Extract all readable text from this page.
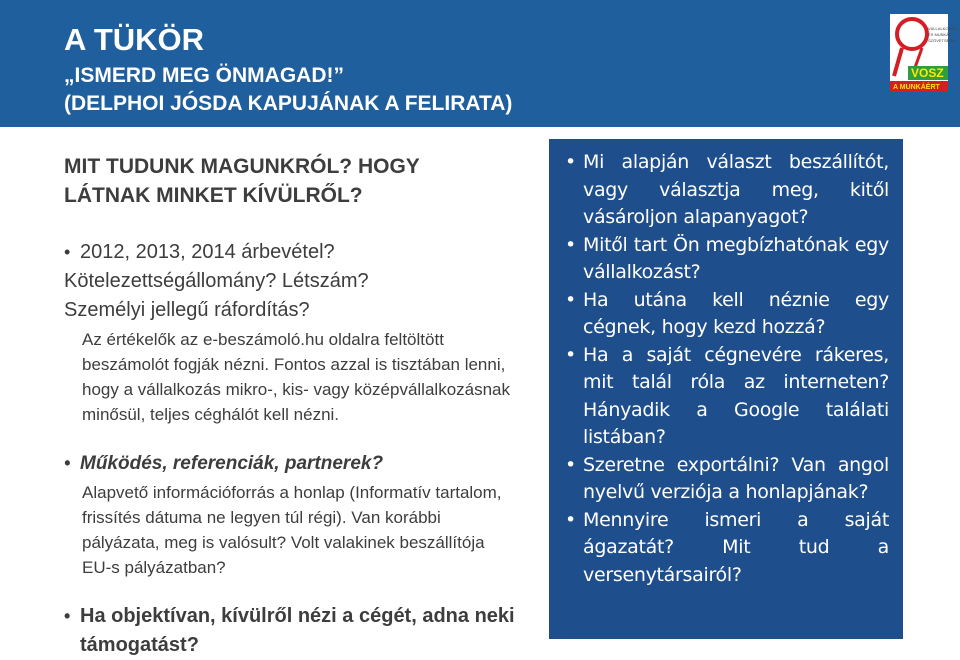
A TÜKÖR
„ISMERD MEG ÖNMAGAD!”
(DELPHOI JÓSDA KAPUJÁNAK A FELIRATA)
VÁLLALKOZÓK
ÉS MUNKÁL.
SZÖVETSÉGE
VOSZ
A MUNKÁÉRT
MIT TUDUNK MAGUNKRÓL? HOGY
LÁTNAK MINKET KÍVÜLRŐL?
• 2012, 2013, 2014 árbevétel?
Kötelezettségállomány? Létszám?
Személyi jellegű ráfordítás?
Az értékelők az e-beszámoló.hu oldalra feltöltött beszámolót fogják nézni. Fontos azzal is tisztában lenni, hogy a vállalkozás mikro-, kis- vagy középvállalkozásnak minősül, teljes céghálót kell nézni.
• Működés, referenciák, partnerek?
Alapvető információforrás a honlap (Informatív tartalom, frissítés dátuma ne legyen túl régi). Van korábbi pályázata, meg is valósult? Volt valakinek beszállítója EU-s pályázatban?
• Ha objektívan, kívülről nézi a cégét, adna neki támogatást?
• Mi alapján választ beszállítót, vagy választja meg, kitől vásároljon alapanyagot?
• Mitől tart Ön megbízhatónak egy vállalkozást?
• Ha utána kell néznie egy cégnek, hogy kezd hozzá?
• Ha a saját cégnevére rákeres, mit talál róla az interneten? Hányadik a Google találati listában?
• Szeretne exportálni? Van angol nyelvű verziója a honlapjának?
• Mennyire ismeri a saját ágazatát? Mit tud a versenytársairól?
